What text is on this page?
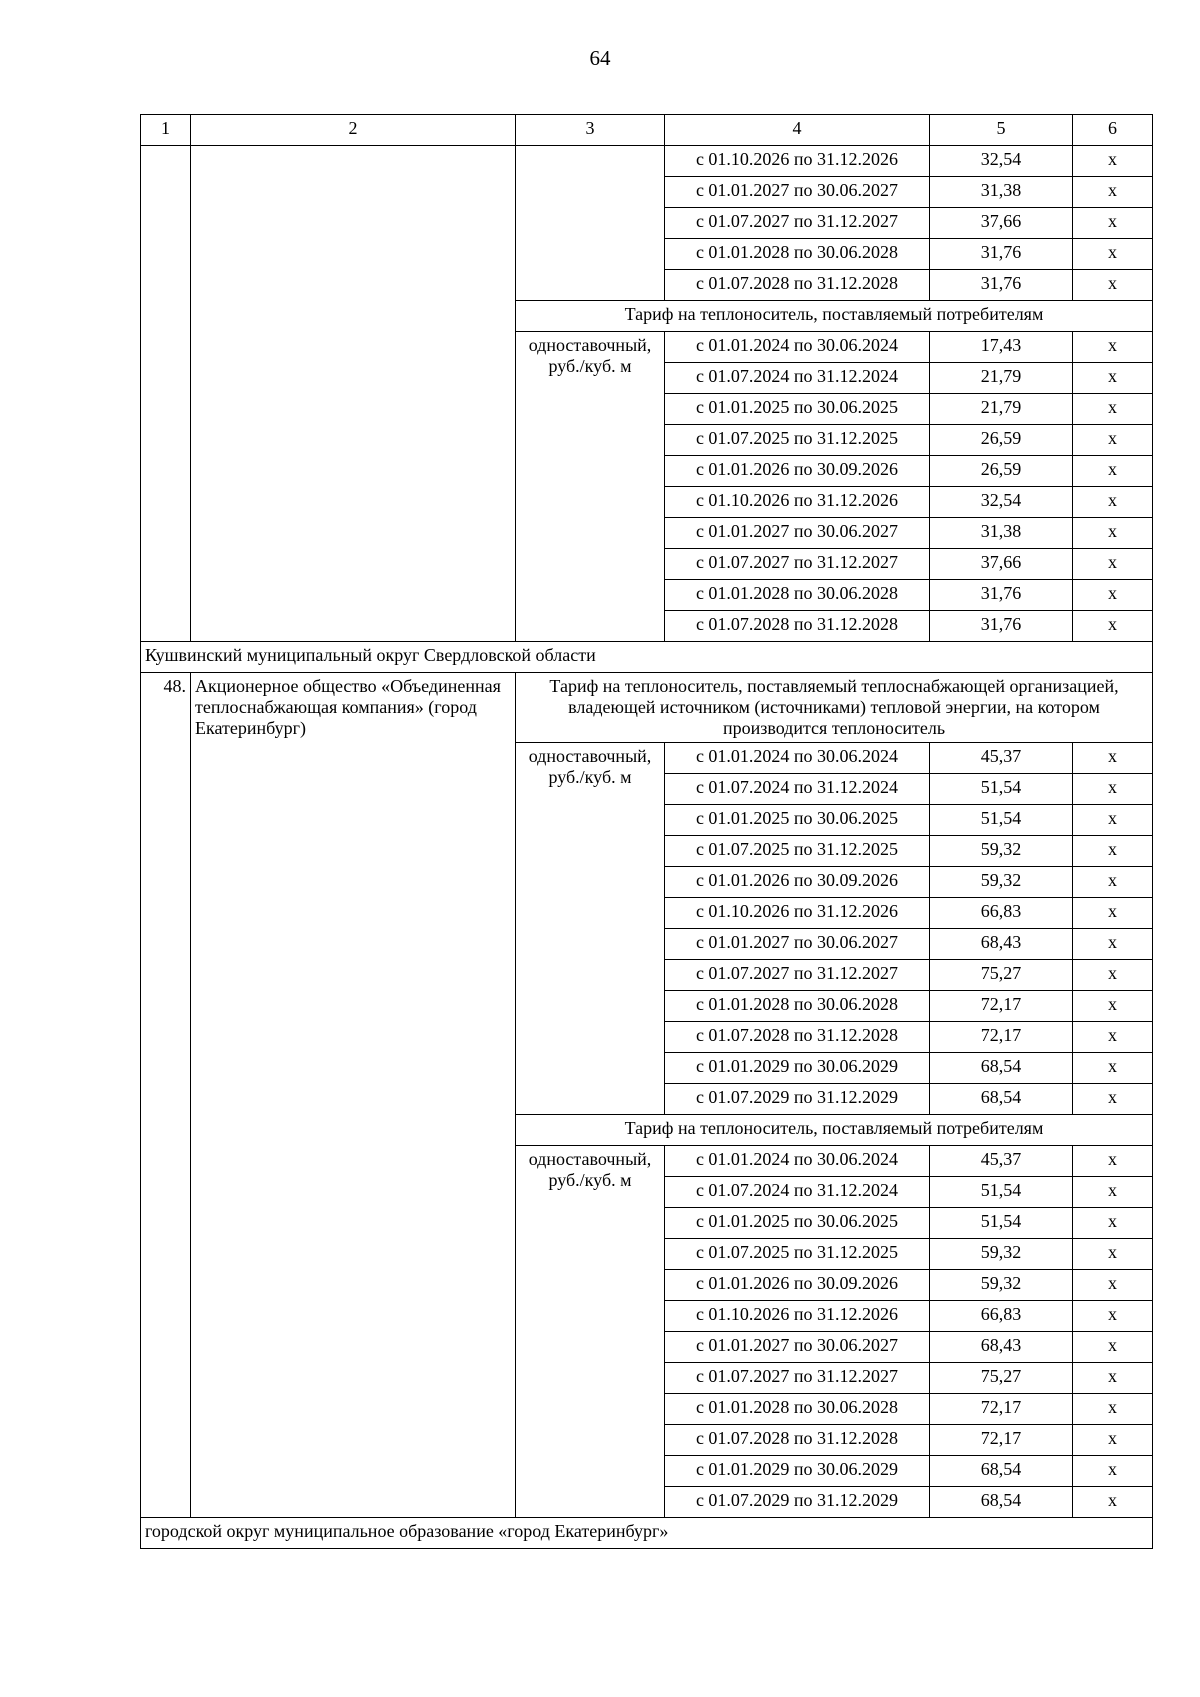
64
1	2	3	4	5	6
			с 01.10.2026 по 31.12.2026	32,54	х
			с 01.01.2027 по 30.06.2027	31,38	х
			с 01.07.2027 по 31.12.2027	37,66	х
			с 01.01.2028 по 30.06.2028	31,76	х
			с 01.07.2028 по 31.12.2028	31,76	х
		Тариф на теплоноситель, поставляемый потребителям			
		одноставочный, руб./куб. м	с 01.01.2024 по 30.06.2024	17,43	х
			с 01.07.2024 по 31.12.2024	21,79	х
			с 01.01.2025 по 30.06.2025	21,79	х
			с 01.07.2025 по 31.12.2025	26,59	х
			с 01.01.2026 по 30.09.2026	26,59	х
			с 01.10.2026 по 31.12.2026	32,54	х
			с 01.01.2027 по 30.06.2027	31,38	х
			с 01.07.2027 по 31.12.2027	37,66	х
			с 01.01.2028 по 30.06.2028	31,76	х
			с 01.07.2028 по 31.12.2028	31,76	х
Кушвинский муниципальный округ Свердловской области					
48.	Акционерное общество «Объединенная теплоснабжающая компания» (город Екатеринбург)	Тариф на теплоноситель, поставляемый теплоснабжающей организацией, владеющей источником (источниками) тепловой энергии, на котором производится теплоноситель			
		одноставочный, руб./куб. м	с 01.01.2024 по 30.06.2024	45,37	х
			с 01.07.2024 по 31.12.2024	51,54	х
			с 01.01.2025 по 30.06.2025	51,54	х
			с 01.07.2025 по 31.12.2025	59,32	х
			с 01.01.2026 по 30.09.2026	59,32	х
			с 01.10.2026 по 31.12.2026	66,83	х
			с 01.01.2027 по 30.06.2027	68,43	х
			с 01.07.2027 по 31.12.2027	75,27	х
			с 01.01.2028 по 30.06.2028	72,17	х
			с 01.07.2028 по 31.12.2028	72,17	х
			с 01.01.2029 по 30.06.2029	68,54	х
			с 01.07.2029 по 31.12.2029	68,54	х
		Тариф на теплоноситель, поставляемый потребителям			
		одноставочный, руб./куб. м	с 01.01.2024 по 30.06.2024	45,37	х
			с 01.07.2024 по 31.12.2024	51,54	х
			с 01.01.2025 по 30.06.2025	51,54	х
			с 01.07.2025 по 31.12.2025	59,32	х
			с 01.01.2026 по 30.09.2026	59,32	х
			с 01.10.2026 по 31.12.2026	66,83	х
			с 01.01.2027 по 30.06.2027	68,43	х
			с 01.07.2027 по 31.12.2027	75,27	х
			с 01.01.2028 по 30.06.2028	72,17	х
			с 01.07.2028 по 31.12.2028	72,17	х
			с 01.01.2029 по 30.06.2029	68,54	х
			с 01.07.2029 по 31.12.2029	68,54	х
городской округ муниципальное образование «город Екатеринбург»					
